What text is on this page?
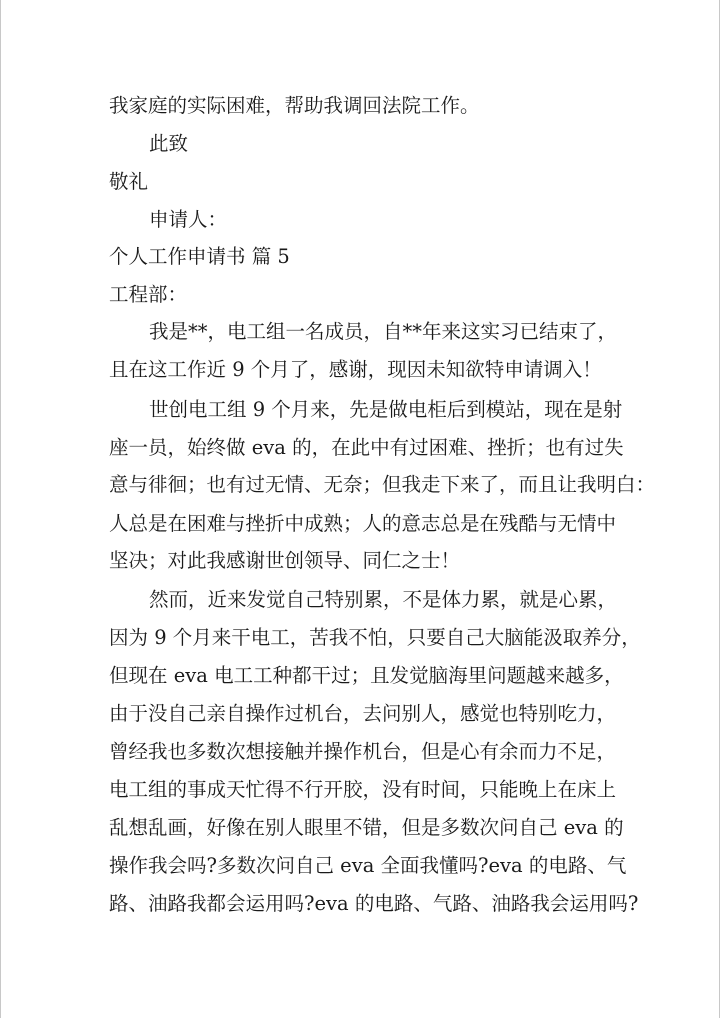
我家庭的实际困难，帮助我调回法院工作。
此致
敬礼
申请人：
个人工作申请书 篇 5
工程部：
我是**，电工组一名成员，自**年来这实习已结束了，
且在这工作近 9 个月了，感谢，现因未知欲特申请调入！
世创电工组 9 个月来，先是做电柜后到模站，现在是射
座一员，始终做 eva 的，在此中有过困难、挫折；也有过失
意与徘徊；也有过无情、无奈；但我走下来了，而且让我明白：
人总是在困难与挫折中成熟；人的意志总是在残酷与无情中
坚决；对此我感谢世创领导、同仁之士！
然而，近来发觉自己特别累，不是体力累，就是心累，
因为 9 个月来干电工，苦我不怕，只要自己大脑能汲取养分，
但现在 eva 电工工种都干过；且发觉脑海里问题越来越多，
由于没自己亲自操作过机台，去问别人，感觉也特别吃力，
曾经我也多数次想接触并操作机台，但是心有余而力不足，
电工组的事成天忙得不行开胶，没有时间，只能晚上在床上
乱想乱画，好像在别人眼里不错，但是多数次问自己 eva 的
操作我会吗?多数次问自己 eva 全面我懂吗?eva 的电路、气
路、油路我都会运用吗?eva 的电路、气路、油路我会运用吗?
